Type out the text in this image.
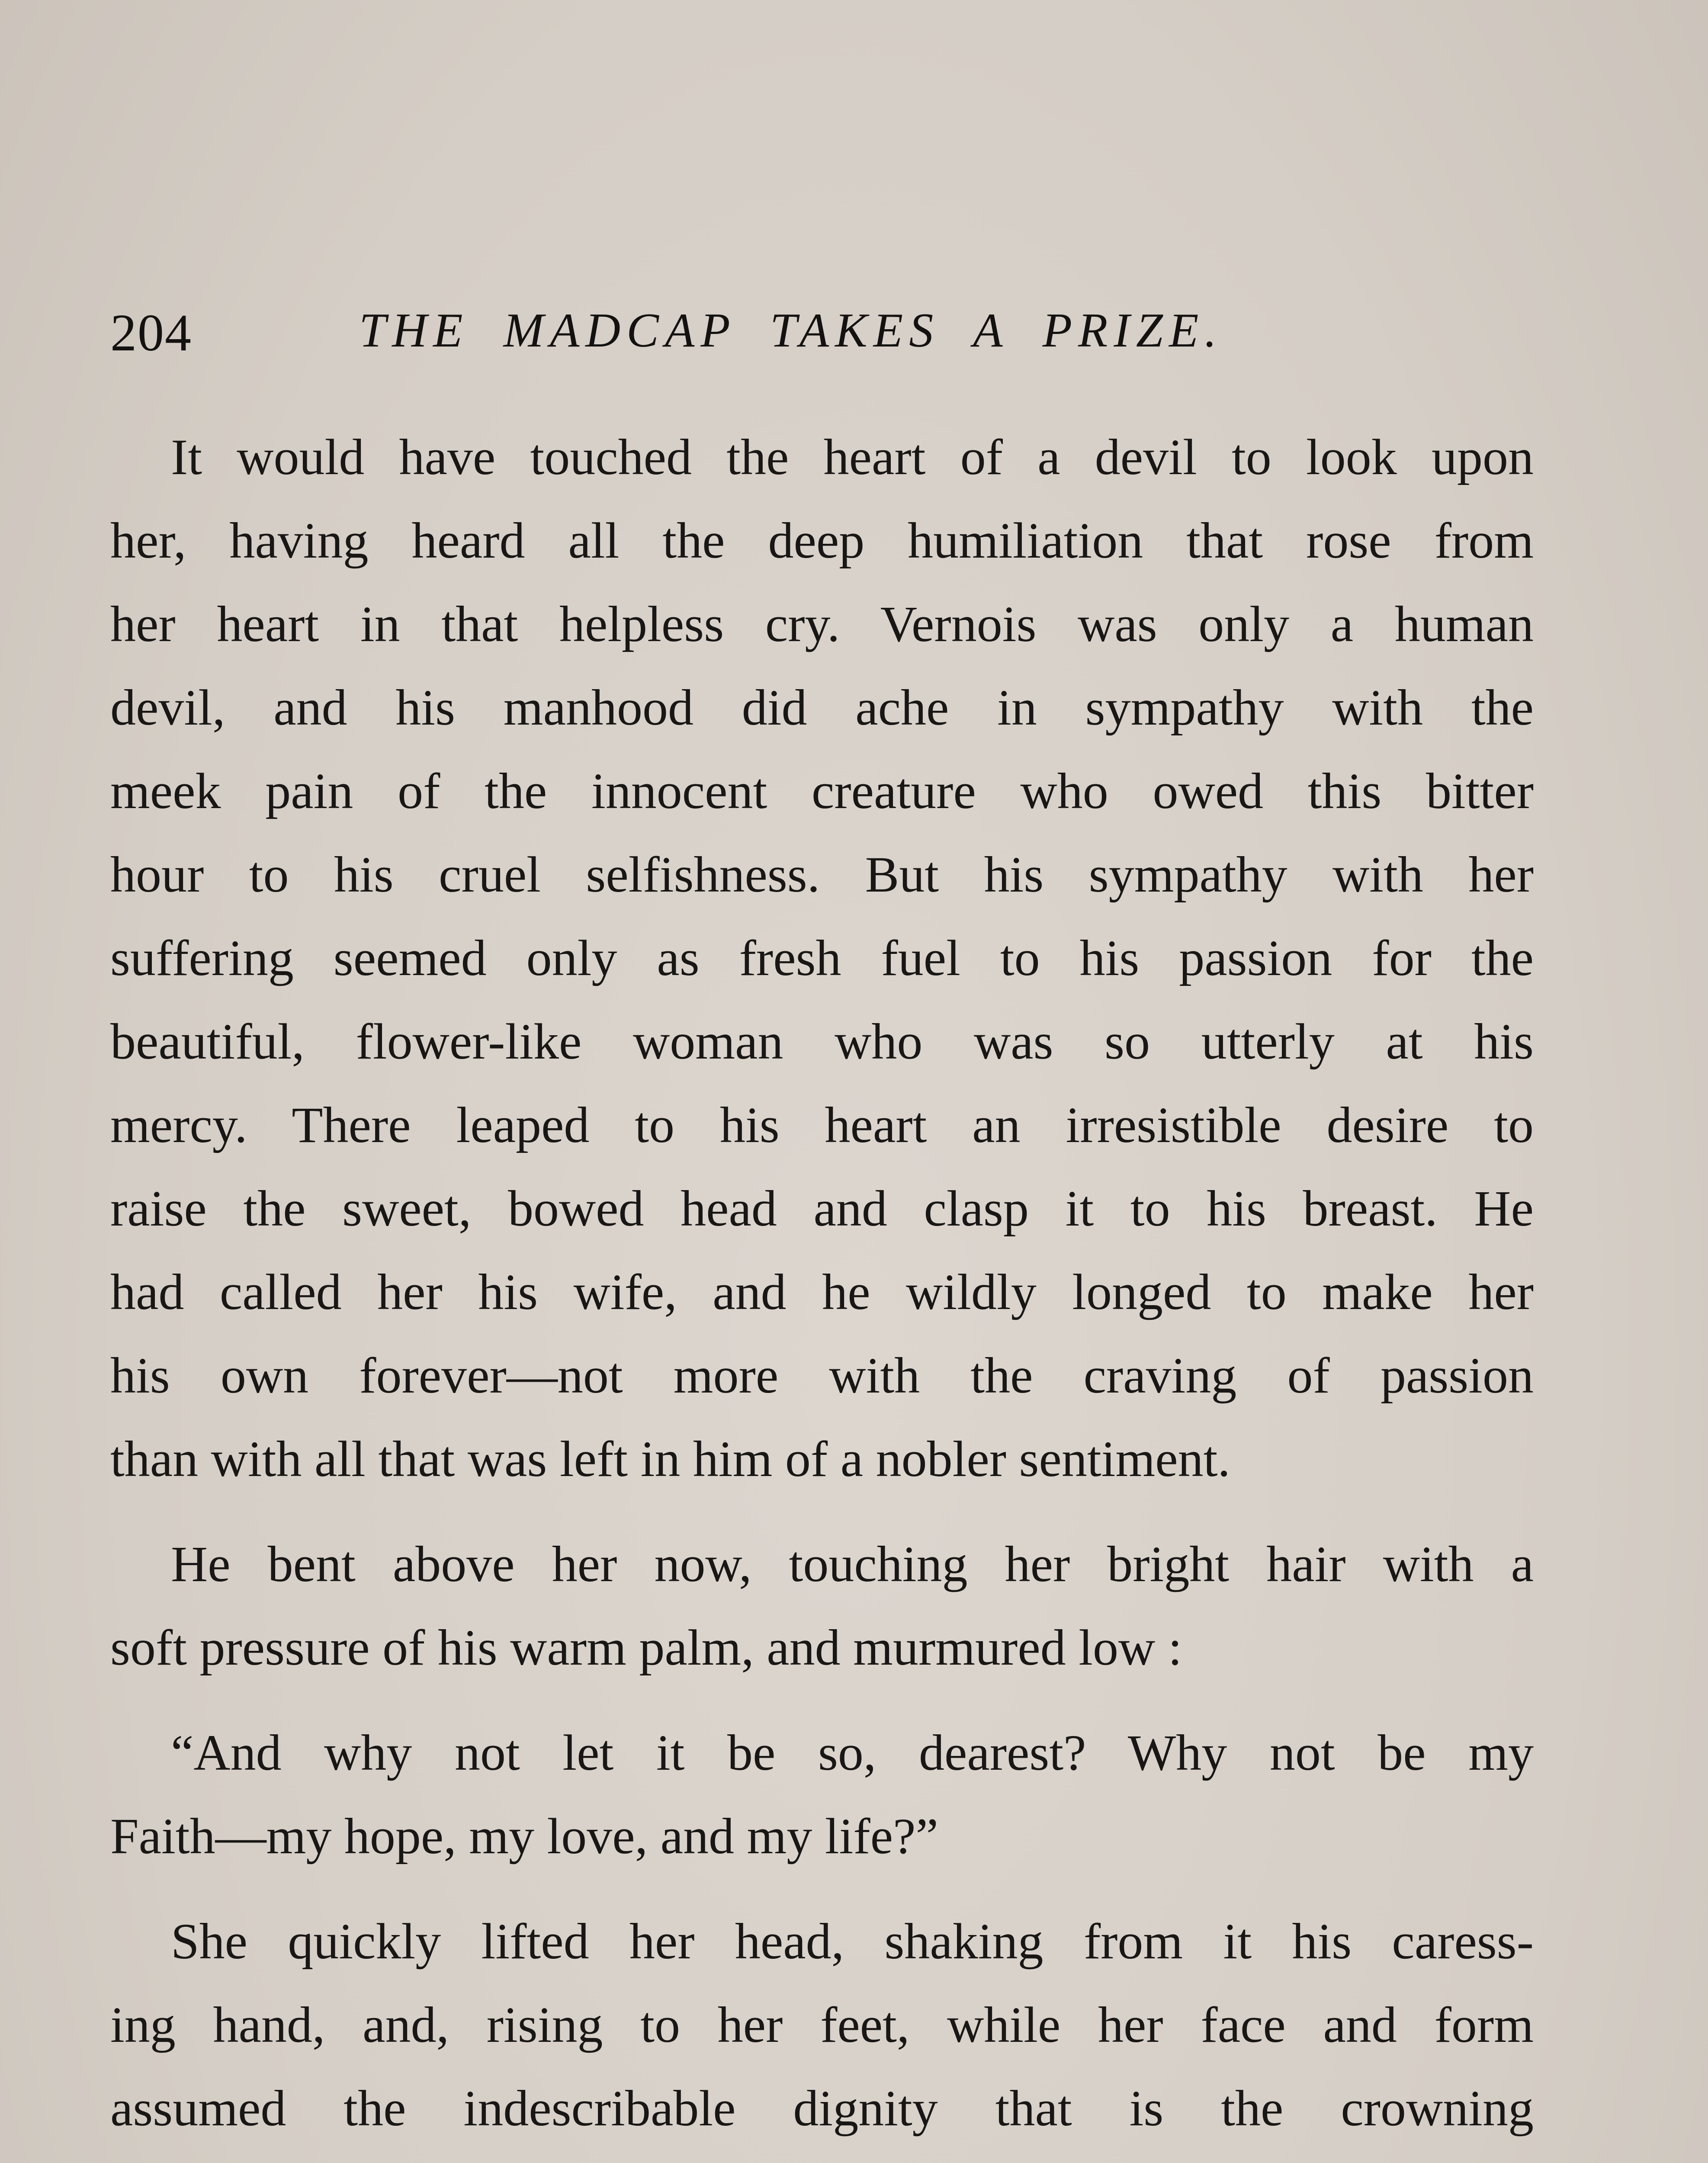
204	THE MADCAP TAKES A PRIZE.

It would have touched the heart of a devil to look upon
her, having heard all the deep humiliation that rose from
her heart in that helpless cry. Vernois was only a human
devil, and his manhood did ache in sympathy with the
meek pain of the innocent creature who owed this bitter
hour to his cruel selfishness. But his sympathy with her
suffering seemed only as fresh fuel to his passion for the
beautiful, flower-like woman who was so utterly at his
mercy. There leaped to his heart an irresistible desire to
raise the sweet, bowed head and clasp it to his breast. He
had called her his wife, and he wildly longed to make her
his own forever—not more with the craving of passion
than with all that was left in him of a nobler sentiment.

He bent above her now, touching her bright hair with a
soft pressure of his warm palm, and murmured low :

“And why not let it be so, dearest? Why not be my
Faith—my hope, my love, and my life?”

She quickly lifted her head, shaking from it his caress-
ing hand, and, rising to her feet, while her face and form
assumed the indescribable dignity that is the crowning
